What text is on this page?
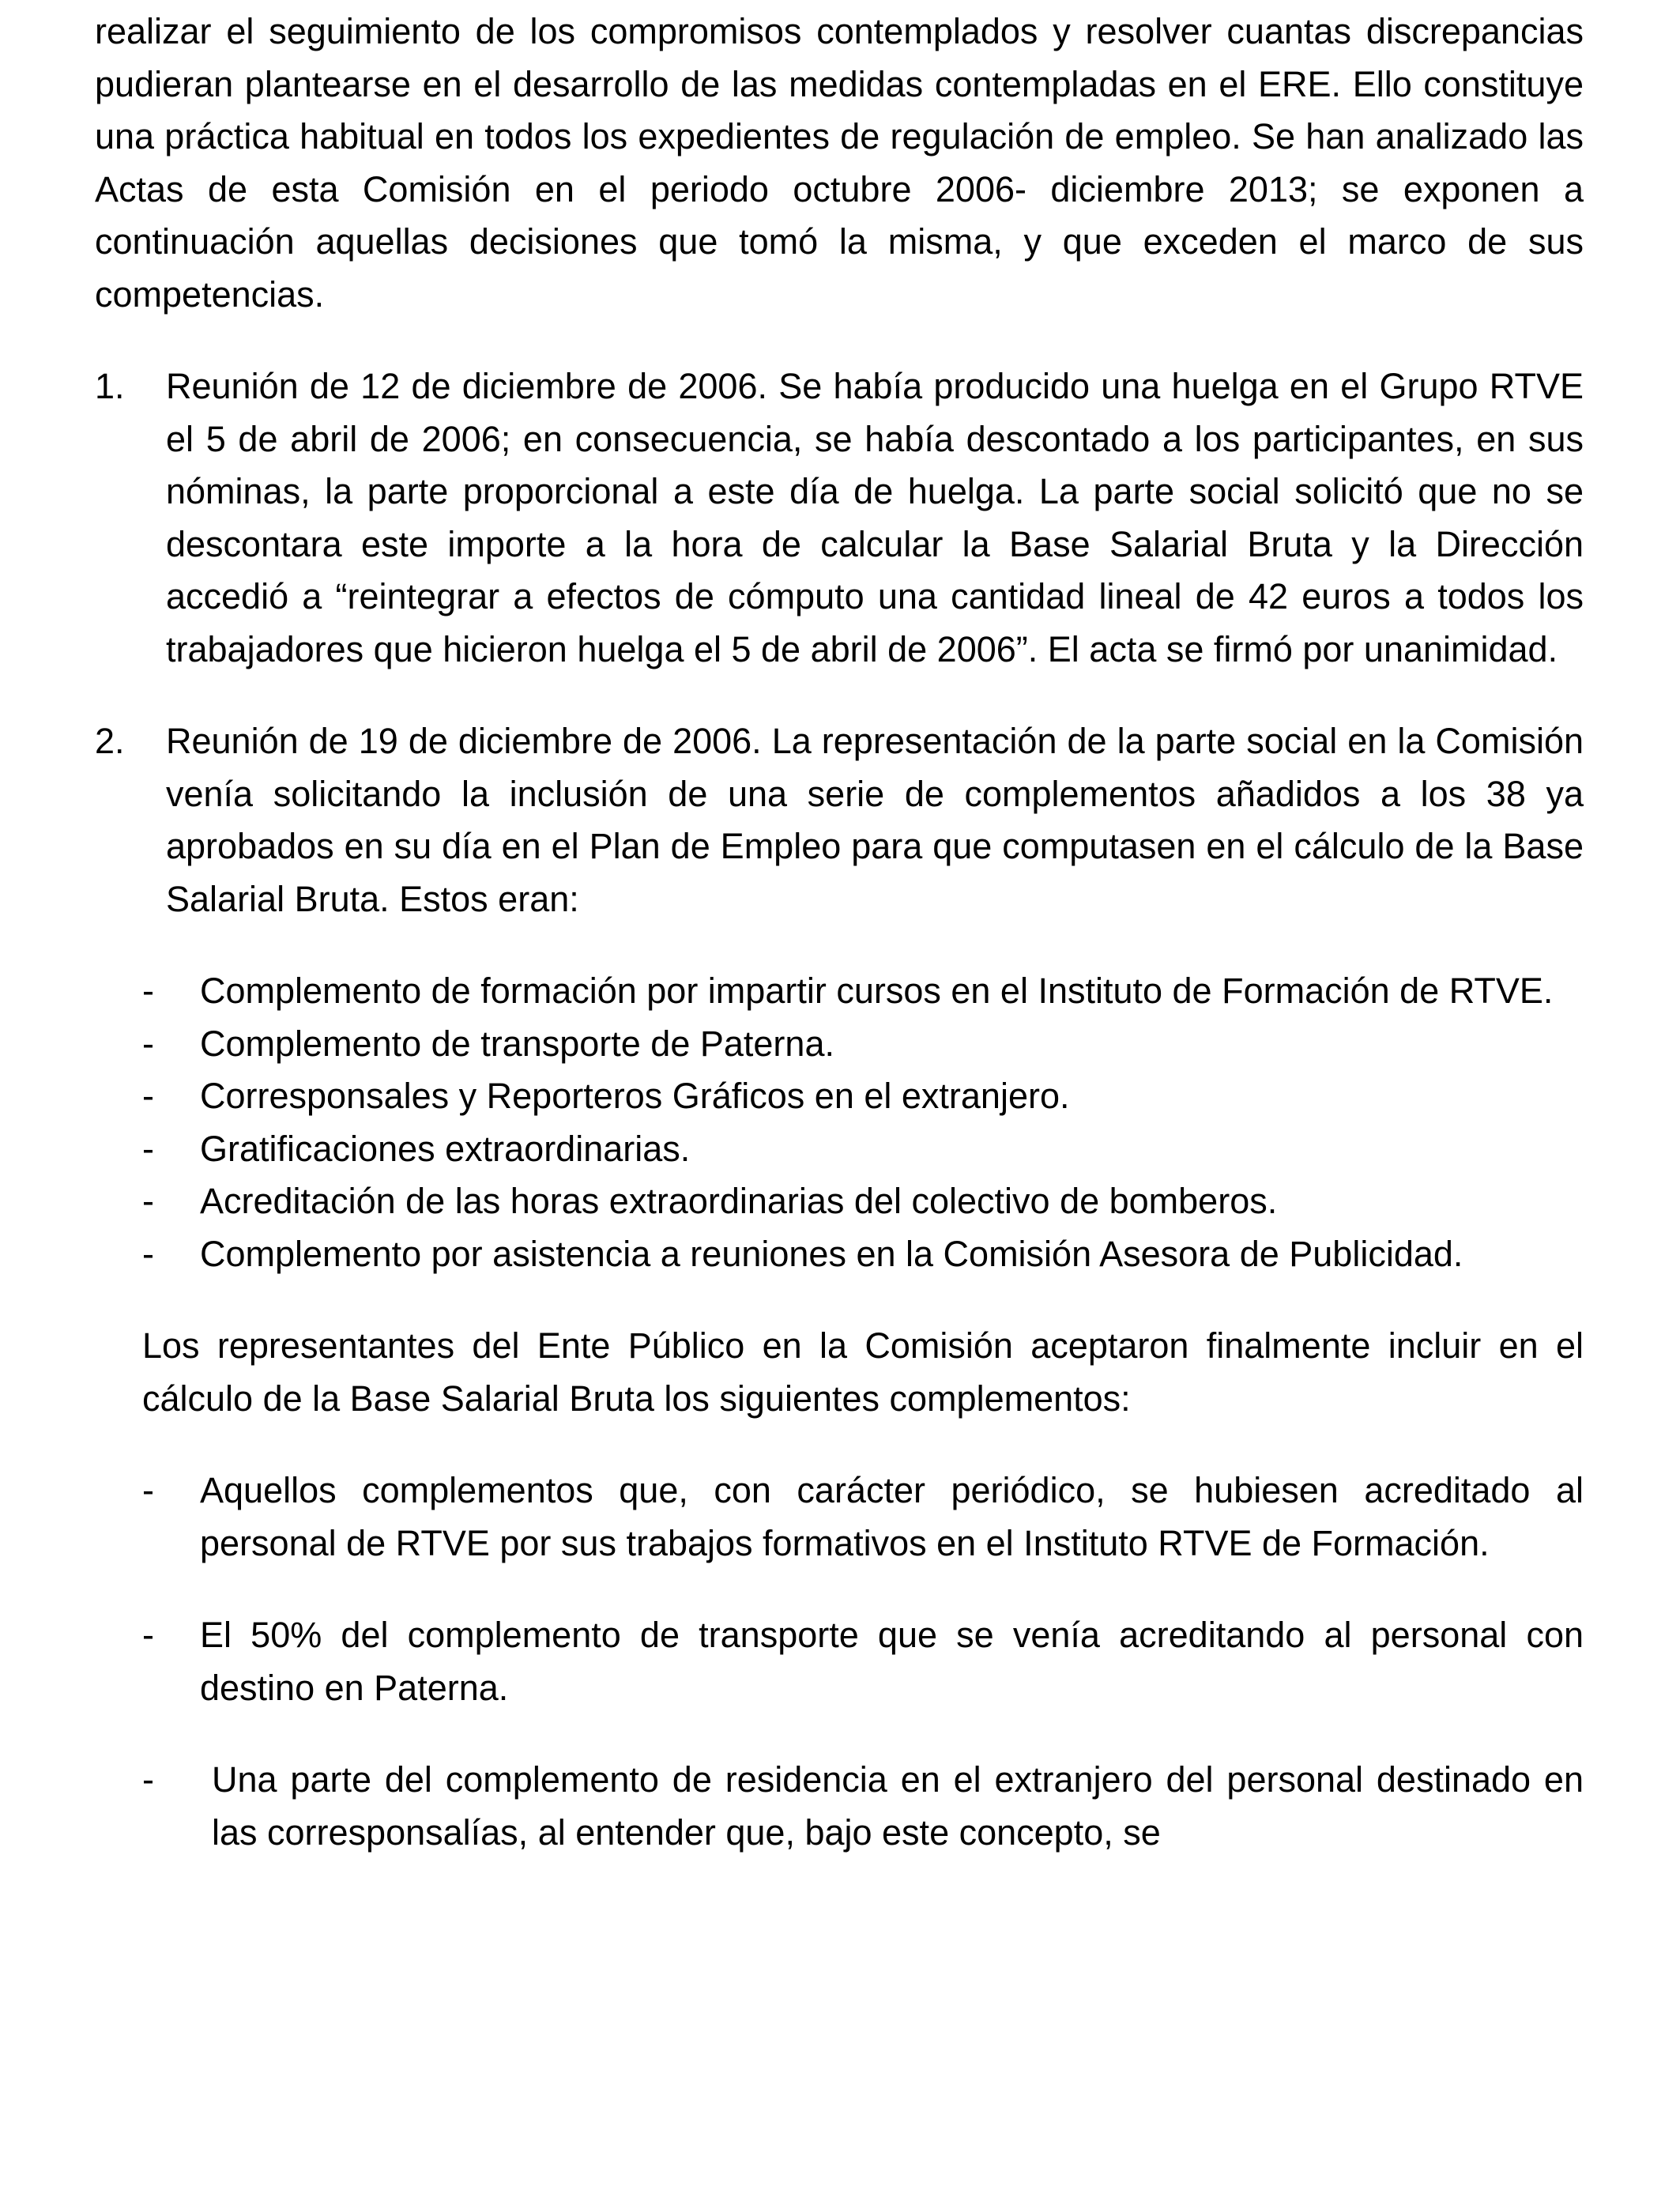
realizar el seguimiento de los compromisos contemplados y resolver cuantas discrepancias pudieran plantearse en el desarrollo de las medidas contempladas en el ERE. Ello constituye una práctica habitual en todos los expedientes de regulación de empleo. Se han analizado las Actas de esta Comisión en el periodo octubre 2006- diciembre 2013; se exponen a continuación aquellas decisiones que tomó la misma, y que exceden el marco de sus competencias.

1. Reunión de 12 de diciembre de 2006. Se había producido una huelga en el Grupo RTVE el 5 de abril de 2006; en consecuencia, se había descontado a los participantes, en sus nóminas, la parte proporcional a este día de huelga. La parte social solicitó que no se descontara este importe a la hora de calcular la Base Salarial Bruta y la Dirección accedió a “reintegrar a efectos de cómputo una cantidad lineal de 42 euros a todos los trabajadores que hicieron huelga el 5 de abril de 2006”. El acta se firmó por unanimidad.

2. Reunión de 19 de diciembre de 2006. La representación de la parte social en la Comisión venía solicitando la inclusión de una serie de complementos añadidos a los 38 ya aprobados en su día en el Plan de Empleo para que computasen en el cálculo de la Base Salarial Bruta. Estos eran:

- Complemento de formación por impartir cursos en el Instituto de Formación de RTVE.

- Complemento de transporte de Paterna.

- Corresponsales y Reporteros Gráficos en el extranjero.

- Gratificaciones extraordinarias.

- Acreditación de las horas extraordinarias del colectivo de bomberos.

- Complemento por asistencia a reuniones en la Comisión Asesora de Publicidad.

Los representantes del Ente Público en la Comisión aceptaron finalmente incluir en el cálculo de la Base Salarial Bruta los siguientes complementos:

- Aquellos complementos que, con carácter periódico, se hubiesen acreditado al personal de RTVE por sus trabajos formativos en el Instituto RTVE de Formación.

- El 50% del complemento de transporte que se venía acreditando al personal con destino en Paterna.

- Una parte del complemento de residencia en el extranjero del personal destinado en las corresponsalías, al entender que, bajo este concepto, se
